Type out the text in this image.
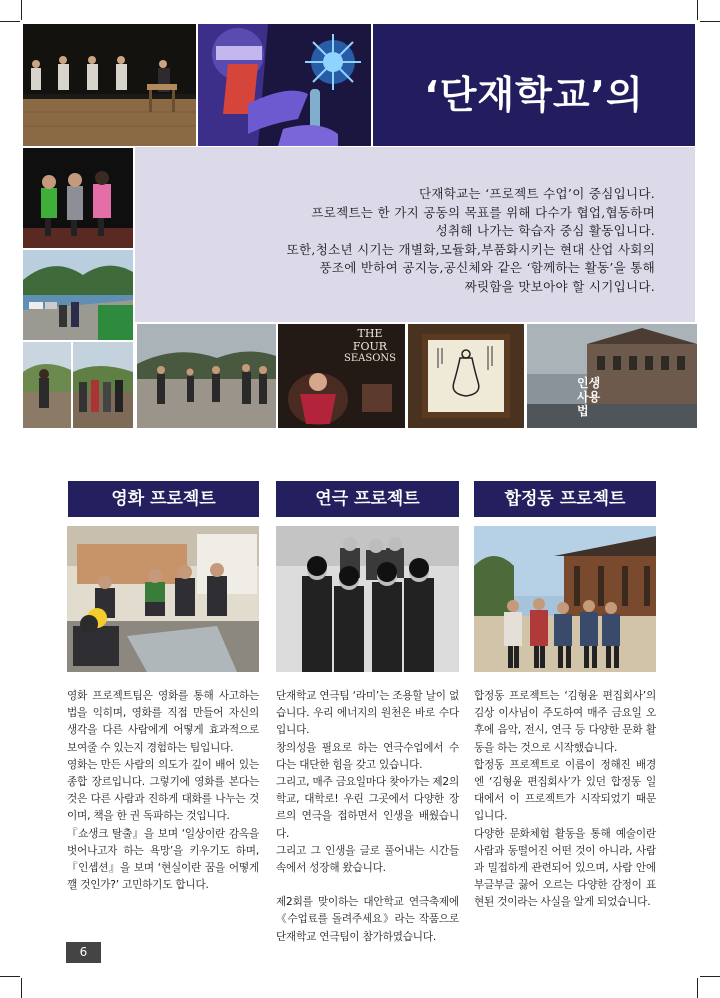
‘단재학교’의

단재학교는 ‘프로젝트 수업’이 중심입니다.
프로젝트는 한 가지 공동의 목표를 위해 다수가 협업,협동하며
성취해 나가는 학습자 중심 활동입니다.
또한,청소년 시기는 개별화,모듈화,부품화시키는 현대 산업 사회의
풍조에 반하여 공지능,공신체와 같은 ‘함께하는 활동’을 통해
짜릿함을 맛보아야 할 시기입니다.

THE
FOUR
SEASONS
인생 사용법
영화 프로젝트	연극 프로젝트	합정동 프로젝트

영화 프로젝트팀은 영화를 통해 사고하는 법을 익히며, 영화를 직접 만들어 자신의 생각을 다른 사람에게 어떻게 효과적으로 보여줄 수 있는지 경험하는 팀입니다.

영화는 만든 사람의 의도가 깊이 배어 있는 종합 장르입니다. 그렇기에 영화를 본다는 것은 다른 사람과 진하게 대화를 나누는 것이며, 책을 한 권 독파하는 것입니다.

『쇼생크 탈출』을 보며 ‘일상이란 감옥을 벗어나고자 하는 욕망’을 키우기도 하며, 『인셉션』을 보며 ‘현실이란 꿈을 어떻게 깰 것인가?’ 고민하기도 합니다.

단재학교 연극팀 ‘라미’는 조용할 날이 없습니다. 우리 에너지의 원천은 바로 수다입니다.

창의성을 필요로 하는 연극수업에서 수다는 대단한 힘을 갖고 있습니다.

그리고, 매주 금요일마다 찾아가는 제2의 학교, 대학로! 우린 그곳에서 다양한 장르의 연극을 접하면서 인생을 배웠습니다.

그리고 그 인생을 글로 풀어내는 시간들 속에서 성장해 왔습니다.

제2회를 맞이하는 대안학교 연극축제에 《수업료를 돌려주세요》라는 작품으로 단재학교 연극팀이 참가하였습니다.

합정동 프로젝트는 ‘김형윤 편집회사’의 김상 이사님이 주도하여 매주 금요일 오후에 음악, 전시, 연극 등 다양한 문화 활동을 하는 것으로 시작했습니다.

합정동 프로젝트로 이름이 정해진 배경엔 ‘김형윤 편집회사’가 있던 합정동 일대에서 이 프로젝트가 시작되었기 때문입니다.

다양한 문화체험 활동을 통해 예술이란 사람과 동떨어진 어떤 것이 아니라, 사람과 밀접하게 관련되어 있으며, 사람 안에 부글부글 끓어 오르는 다양한 감정이 표현된 것이라는 사실을 알게 되었습니다.

6
